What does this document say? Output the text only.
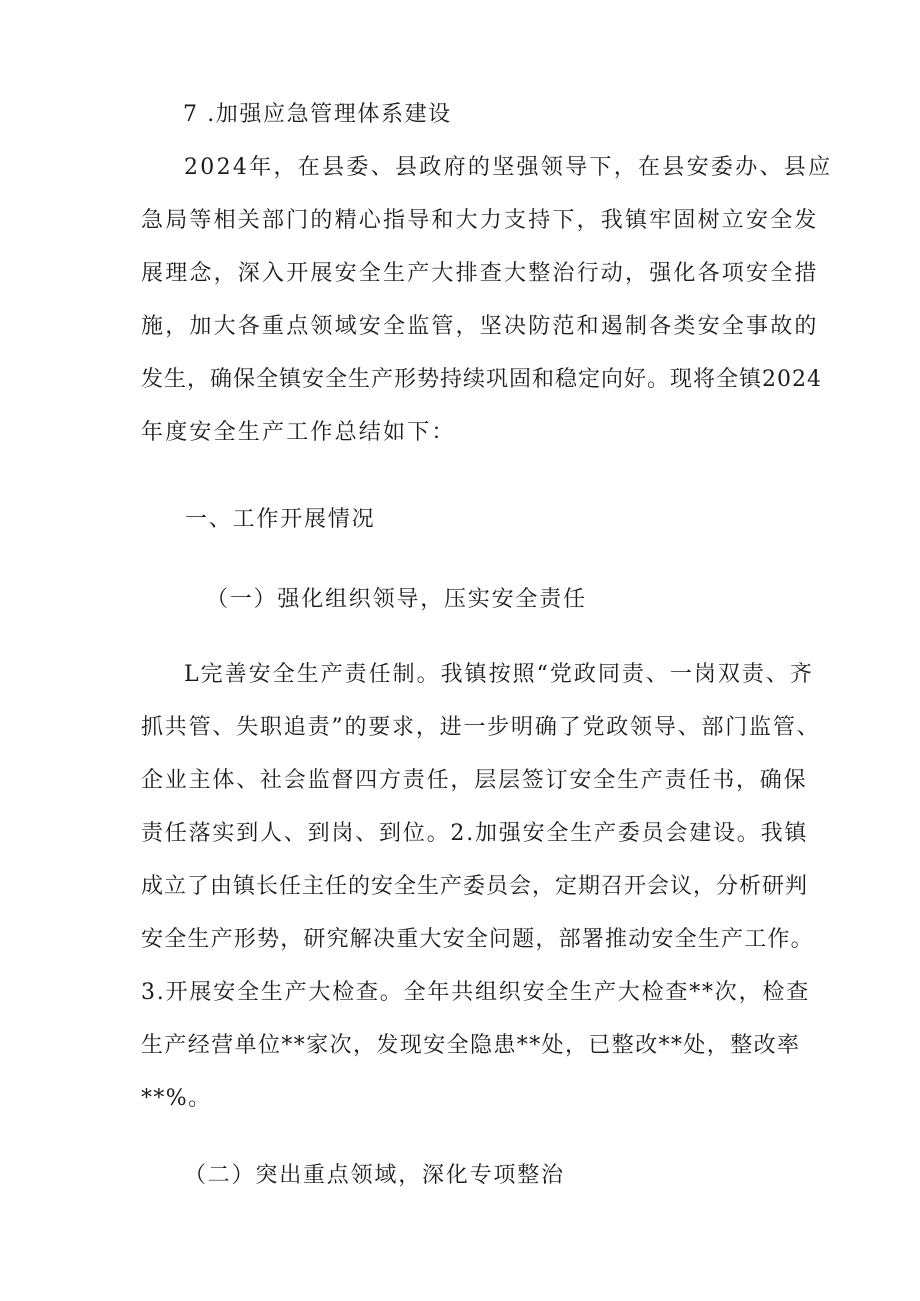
7 .加强应急管理体系建设
2024年，在县委、县政府的坚强领导下，在县安委办、县应
急局等相关部门的精心指导和大力支持下，我镇牢固树立安全发
展理念，深入开展安全生产大排查大整治行动，强化各项安全措
施，加大各重点领域安全监管，坚决防范和遏制各类安全事故的
发生，确保全镇安全生产形势持续巩固和稳定向好。现将全镇2024
年度安全生产工作总结如下：
一、工作开展情况
（一）强化组织领导，压实安全责任
L完善安全生产责任制。我镇按照“党政同责、一岗双责、齐
抓共管、失职追责”的要求，进一步明确了党政领导、部门监管、
企业主体、社会监督四方责任，层层签订安全生产责任书，确保
责任落实到人、到岗、到位。2.加强安全生产委员会建设。我镇
成立了由镇长任主任的安全生产委员会，定期召开会议，分析研判
安全生产形势，研究解决重大安全问题，部署推动安全生产工作。
3.开展安全生产大检查。全年共组织安全生产大检查**次，检查
生产经营单位**家次，发现安全隐患**处，已整改**处，整改率
**%。
（二）突出重点领域，深化专项整治
